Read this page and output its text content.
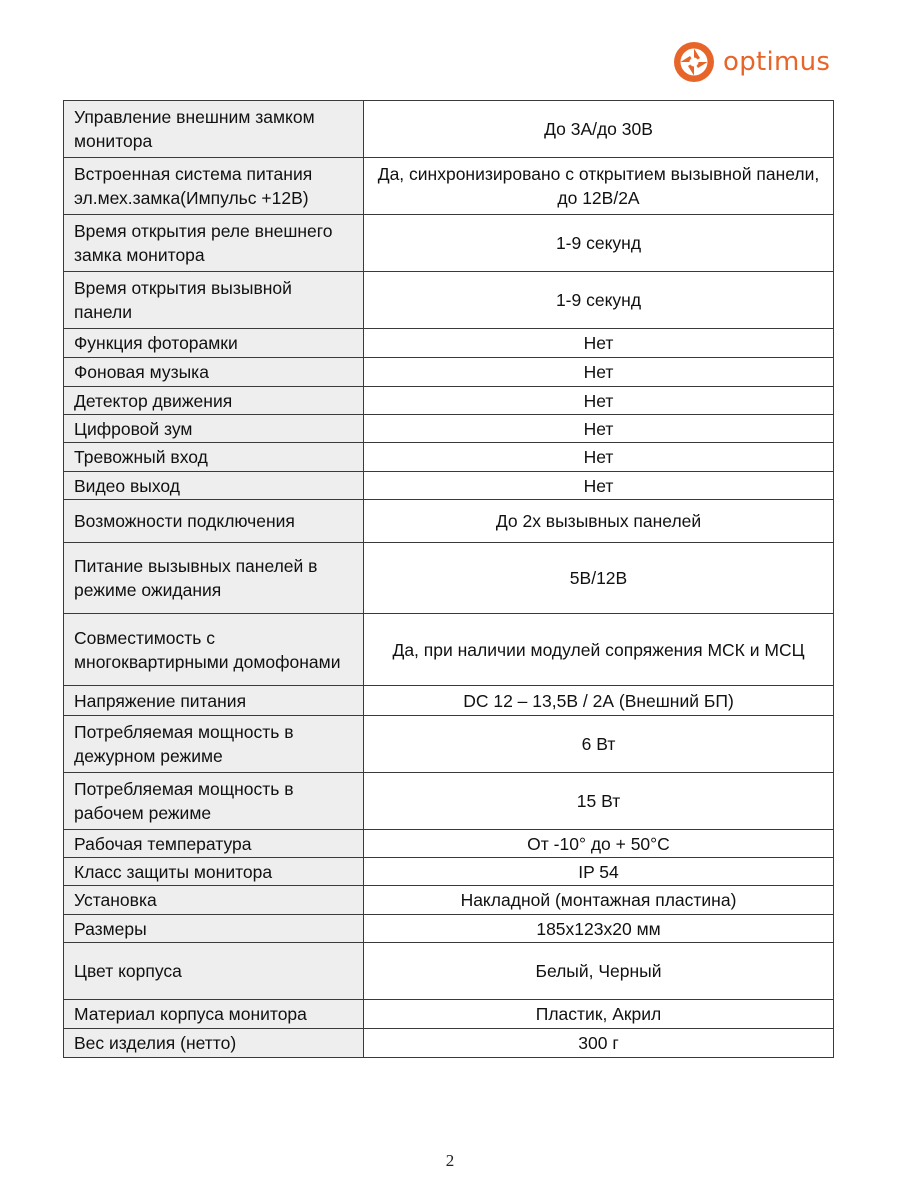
optimus
Управление внешним замком монитора	До 3А/до 30В
Встроенная система питания эл.мех.замка(Импульс +12В)	Да, синхронизировано с открытием вызывной панели, до 12В/2А
Время открытия реле внешнего замка монитора	1-9 секунд
Время открытия вызывной панели	1-9 секунд
Функция фоторамки	Нет
Фоновая музыка	Нет
Детектор движения	Нет
Цифровой зум	Нет
Тревожный вход	Нет
Видео выход	Нет
Возможности подключения	До 2х вызывных панелей
Питание вызывных панелей в режиме ожидания	5В/12В
Совместимость с многоквартирными домофонами	Да, при наличии модулей сопряжения МСК и МСЦ
Напряжение питания	DC 12 – 13,5В / 2А (Внешний БП)
Потребляемая мощность в дежурном режиме	6 Вт
Потребляемая мощность в рабочем режиме	15 Вт
Рабочая температура	От -10° до + 50°С
Класс защиты монитора	IP 54
Установка	Накладной (монтажная пластина)
Размеры	185х123х20 мм
Цвет корпуса	Белый, Черный
Материал корпуса монитора	Пластик, Акрил
Вес изделия (нетто)	300 г
2
